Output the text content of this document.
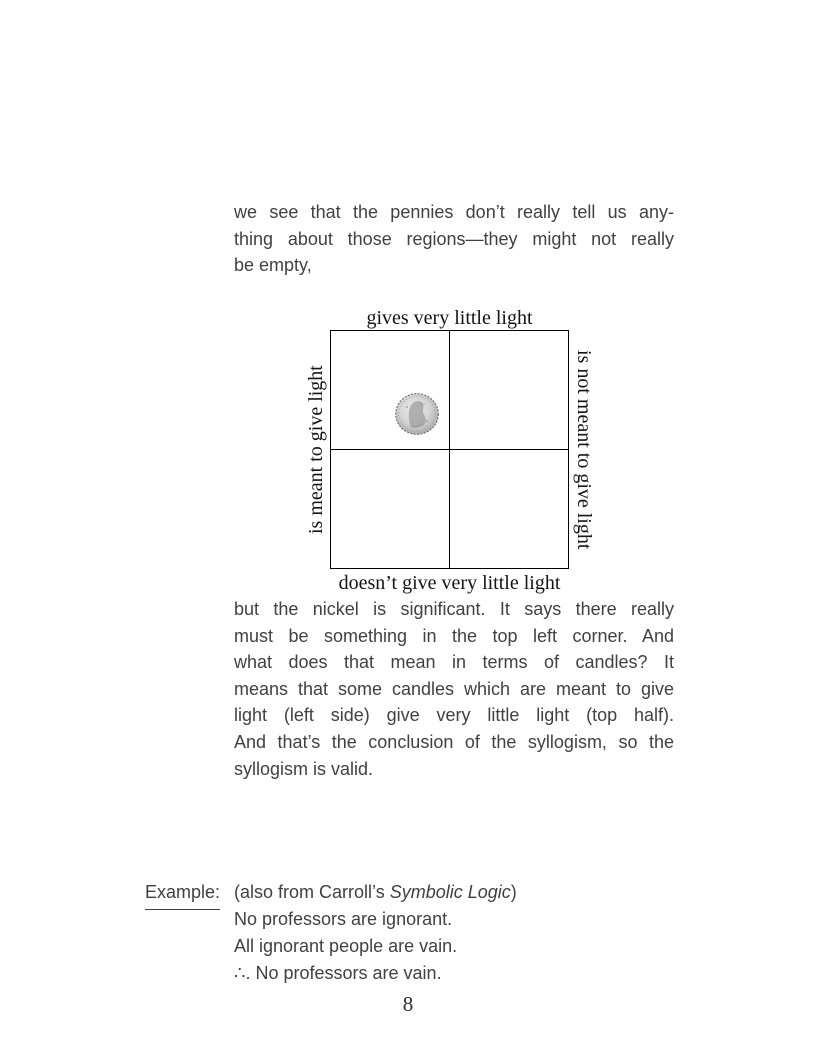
we see that the pennies don’t really tell us any-
thing about those regions—they might not really
be empty,
gives very little light
is meant to give light	is not meant to give light
doesn’t give very little light
but the nickel is significant. It says there really
must be something in the top left corner. And
what does that mean in terms of candles? It
means that some candles which are meant to give
light (left side) give very little light (top half).
And that’s the conclusion of the syllogism, so the
syllogism is valid.
Example: (also from Carroll’s Symbolic Logic)
No professors are ignorant.
All ignorant people are vain.
∴. No professors are vain.
8
